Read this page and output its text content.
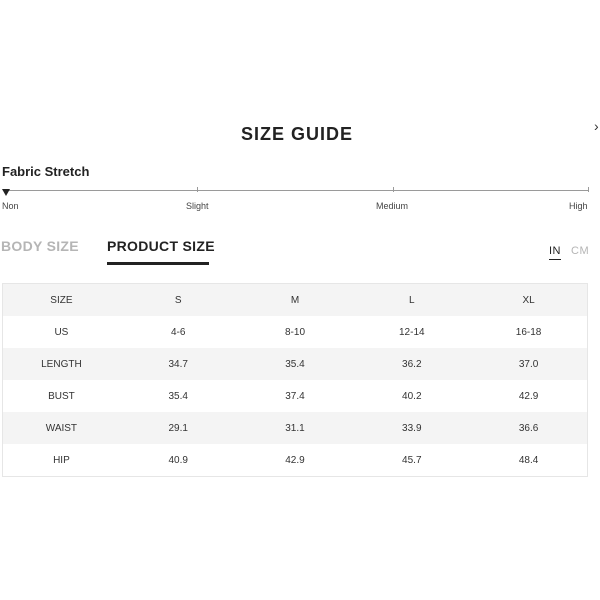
›
SIZE GUIDE
Fabric Stretch
Non	Slight	Medium	High
BODY SIZE PRODUCT SIZE	IN CM
SIZE	S	M	L	XL
US	4-6	8-10	12-14	16-18
LENGTH	34.7	35.4	36.2	37.0
BUST	35.4	37.4	40.2	42.9
WAIST	29.1	31.1	33.9	36.6
HIP	40.9	42.9	45.7	48.4
